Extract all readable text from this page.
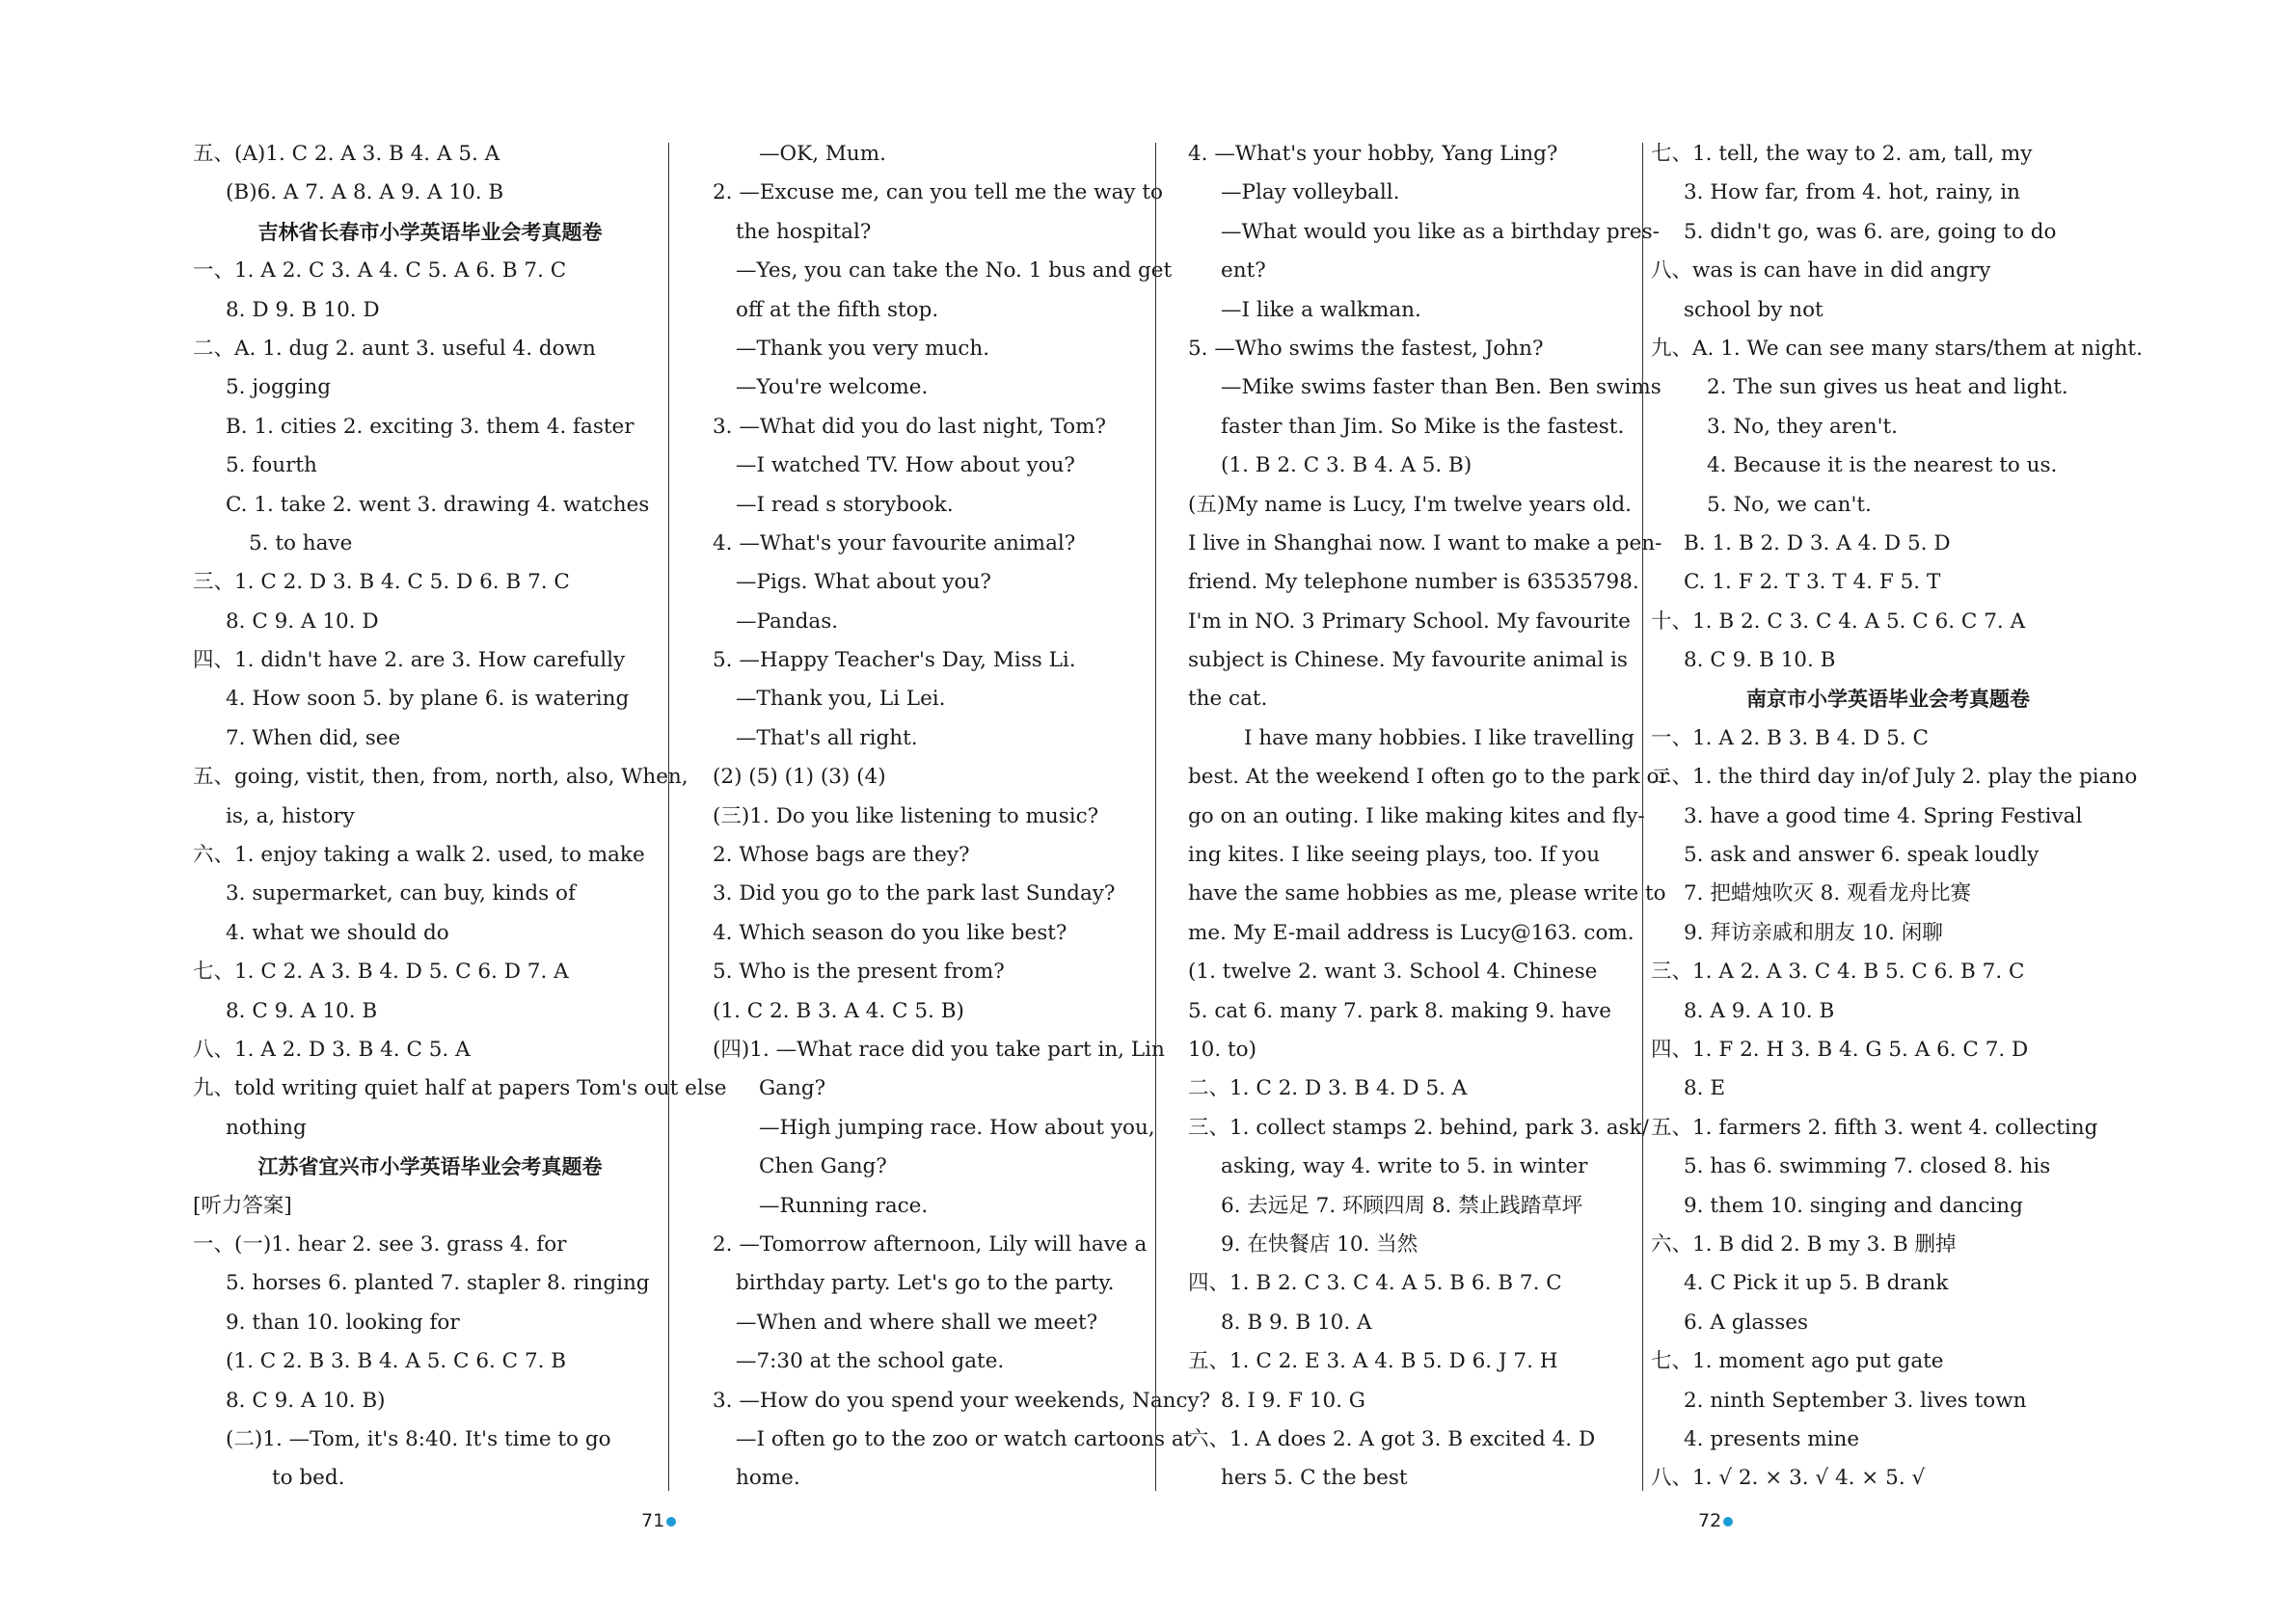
五、(A)1. C 2. A 3. B 4. A 5. A
(B)6. A 7. A 8. A 9. A 10. B
吉林省长春市小学英语毕业会考真题卷
一、1. A 2. C 3. A 4. C 5. A 6. B 7. C
8. D 9. B 10. D
二、A. 1. dug 2. aunt 3. useful 4. down
5. jogging
B. 1. cities 2. exciting 3. them 4. faster
5. fourth
C. 1. take 2. went 3. drawing 4. watches
5. to have
三、1. C 2. D 3. B 4. C 5. D 6. B 7. C
8. C 9. A 10. D
四、1. didn't have 2. are 3. How carefully
4. How soon 5. by plane 6. is watering
7. When did, see
五、going, vistit, then, from, north, also, When,
is, a, history
六、1. enjoy taking a walk 2. used, to make
3. supermarket, can buy, kinds of
4. what we should do
七、1. C 2. A 3. B 4. D 5. C 6. D 7. A
8. C 9. A 10. B
八、1. A 2. D 3. B 4. C 5. A
九、told writing quiet half at papers Tom's out else
nothing
江苏省宜兴市小学英语毕业会考真题卷
[听力答案]
一、(一)1. hear 2. see 3. grass 4. for
5. horses 6. planted 7. stapler 8. ringing
9. than 10. looking for
(1. C 2. B 3. B 4. A 5. C 6. C 7. B
8. C 9. A 10. B)
(二)1. —Tom, it's 8:40. It's time to go
to bed.
—OK, Mum.
2. —Excuse me, can you tell me the way to
the hospital?
—Yes, you can take the No. 1 bus and get
off at the fifth stop.
—Thank you very much.
—You're welcome.
3. —What did you do last night, Tom?
—I watched TV. How about you?
—I read s storybook.
4. —What's your favourite animal?
—Pigs. What about you?
—Pandas.
5. —Happy Teacher's Day, Miss Li.
—Thank you, Li Lei.
—That's all right.
(2) (5) (1) (3) (4)
(三)1. Do you like listening to music?
2. Whose bags are they?
3. Did you go to the park last Sunday?
4. Which season do you like best?
5. Who is the present from?
(1. C 2. B 3. A 4. C 5. B)
(四)1. —What race did you take part in, Lin
Gang?
—High jumping race. How about you,
Chen Gang?
—Running race.
2. —Tomorrow afternoon, Lily will have a
birthday party. Let's go to the party.
—When and where shall we meet?
—7:30 at the school gate.
3. —How do you spend your weekends, Nancy?
—I often go to the zoo or watch cartoons at
home.
4. —What's your hobby, Yang Ling?
—Play volleyball.
—What would you like as a birthday pres-
ent?
—I like a walkman.
5. —Who swims the fastest, John?
—Mike swims faster than Ben. Ben swims
faster than Jim. So Mike is the fastest.
(1. B 2. C 3. B 4. A 5. B)
(五)My name is Lucy, I'm twelve years old.
I live in Shanghai now. I want to make a pen-
friend. My telephone number is 63535798.
I'm in NO. 3 Primary School. My favourite
subject is Chinese. My favourite animal is
the cat.
I have many hobbies. I like travelling
best. At the weekend I often go to the park or
go on an outing. I like making kites and fly-
ing kites. I like seeing plays, too. If you
have the same hobbies as me, please write to
me. My E-mail address is Lucy@163. com.
(1. twelve 2. want 3. School 4. Chinese
5. cat 6. many 7. park 8. making 9. have
10. to)
二、1. C 2. D 3. B 4. D 5. A
三、1. collect stamps 2. behind, park 3. ask/
asking, way 4. write to 5. in winter
6. 去远足 7. 环顾四周 8. 禁止践踏草坪
9. 在快餐店 10. 当然
四、1. B 2. C 3. C 4. A 5. B 6. B 7. C
8. B 9. B 10. A
五、1. C 2. E 3. A 4. B 5. D 6. J 7. H
8. I 9. F 10. G
六、1. A does 2. A got 3. B excited 4. D
hers 5. C the best
七、1. tell, the way to 2. am, tall, my
3. How far, from 4. hot, rainy, in
5. didn't go, was 6. are, going to do
八、was is can have in did angry
school by not
九、A. 1. We can see many stars/them at night.
2. The sun gives us heat and light.
3. No, they aren't.
4. Because it is the nearest to us.
5. No, we can't.
B. 1. B 2. D 3. A 4. D 5. D
C. 1. F 2. T 3. T 4. F 5. T
十、1. B 2. C 3. C 4. A 5. C 6. C 7. A
8. C 9. B 10. B
南京市小学英语毕业会考真题卷
一、1. A 2. B 3. B 4. D 5. C
二、1. the third day in/of July 2. play the piano
3. have a good time 4. Spring Festival
5. ask and answer 6. speak loudly
7. 把蜡烛吹灭 8. 观看龙舟比赛
9. 拜访亲戚和朋友 10. 闲聊
三、1. A 2. A 3. C 4. B 5. C 6. B 7. C
8. A 9. A 10. B
四、1. F 2. H 3. B 4. G 5. A 6. C 7. D
8. E
五、1. farmers 2. fifth 3. went 4. collecting
5. has 6. swimming 7. closed 8. his
9. them 10. singing and dancing
六、1. B did 2. B my 3. B 删掉
4. C Pick it up 5. B drank
6. A glasses
七、1. moment ago put gate
2. ninth September 3. lives town
4. presents mine
八、1. √ 2. × 3. √ 4. × 5. √
71	72
